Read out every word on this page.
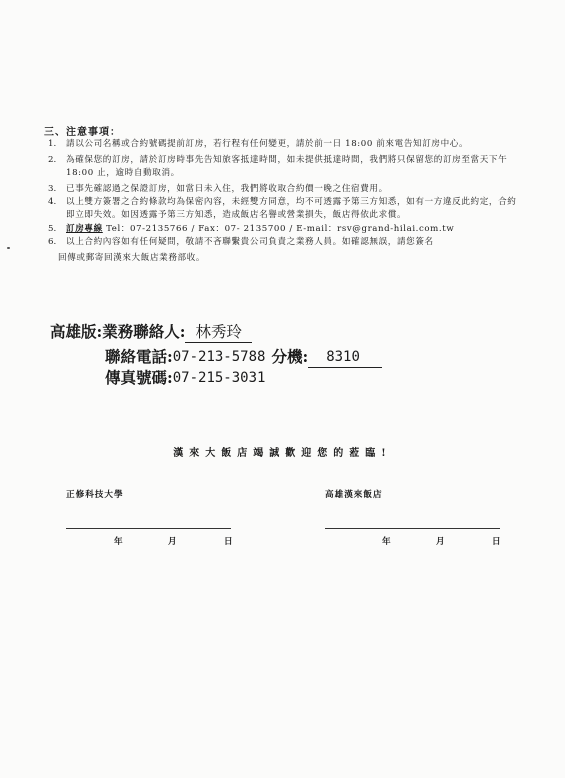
三、注意事項：
1.	請以公司名稱或合約號碼提前訂房，若行程有任何變更，請於前一日 18:00 前來電告知訂房中心。
2.	為確保您的訂房，請於訂房時事先告知旅客抵達時間，如未提供抵達時間，我們將只保留您的訂房至當天下午 18:00 止，逾時自動取消。
3.	已事先確認過之保證訂房，如當日未入住，我們將收取合約價一晚之住宿費用。
4.	以上雙方簽署之合約條款均為保密內容，未經雙方同意，均不可透露予第三方知悉，如有一方違反此約定，合約即立即失效。如因透露予第三方知悉，造成飯店名譽或營業損失，飯店得依此求償。
5.	訂房專線 Tel：07-2135766 / Fax：07- 2135700 / E-mail：rsv@grand-hilai.com.tw
6.	以上合約內容如有任何疑問，敬請不吝聯繫貴公司負責之業務人員。如確認無誤，請您簽名
回傳或郵寄回漢來大飯店業務部收。
高雄版: 業務聯絡人: 林秀玲
聯絡電話: 07-213-5788 分機:	8310
傳真號碼: 07-215-3031
漢來大飯店竭誠歡迎您的蒞臨!
正修科技大學	高雄漢來飯店
年	月	日	年	月	日
